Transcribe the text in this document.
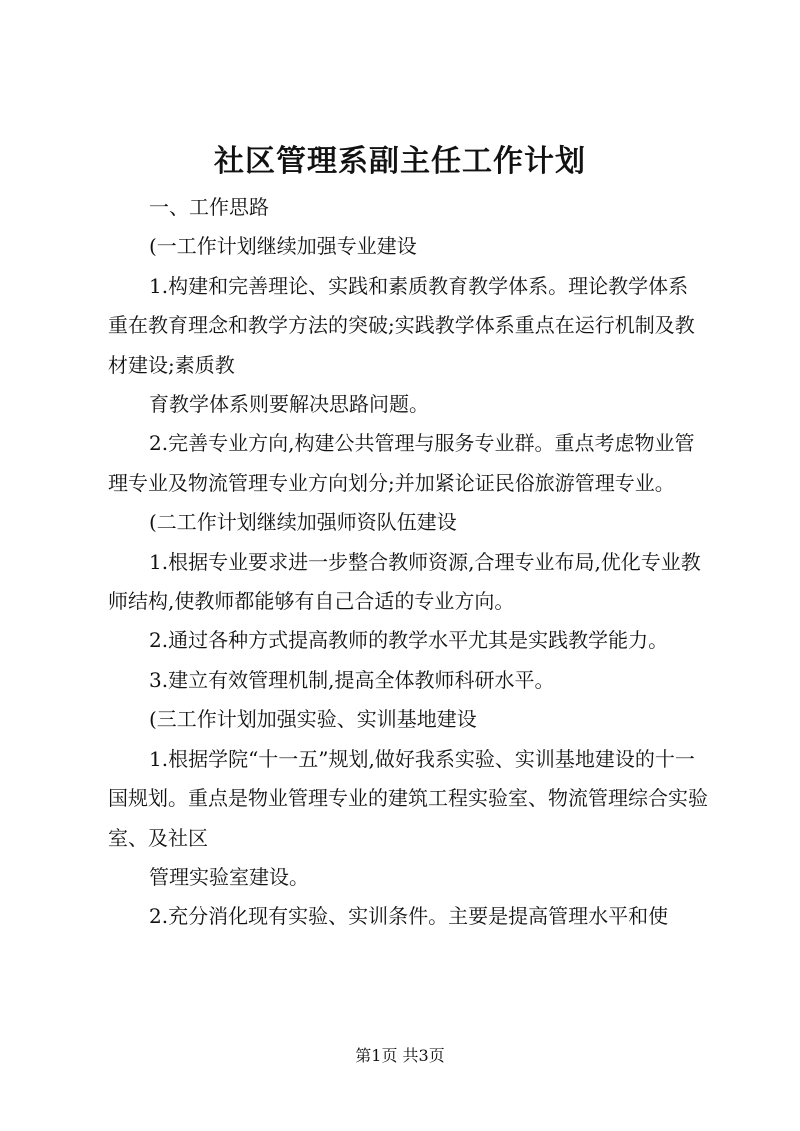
社区管理系副主任工作计划

一、工作思路

(一工作计划继续加强专业建设

1.构建和完善理论、实践和素质教育教学体系。理论教学体系重在教育理念和教学方法的突破;实践教学体系重点在运行机制及教材建设;素质教

育教学体系则要解决思路问题。

2.完善专业方向,构建公共管理与服务专业群。重点考虑物业管理专业及物流管理专业方向划分;并加紧论证民俗旅游管理专业。

(二工作计划继续加强师资队伍建设

1.根据专业要求进一步整合教师资源,合理专业布局,优化专业教师结构,使教师都能够有自己合适的专业方向。

2.通过各种方式提高教师的教学水平尤其是实践教学能力。

3.建立有效管理机制,提高全体教师科研水平。

(三工作计划加强实验、实训基地建设

1.根据学院“十一五”规划,做好我系实验、实训基地建设的十一国规划。重点是物业管理专业的建筑工程实验室、物流管理综合实验室、及社区

管理实验室建设。

2.充分消化现有实验、实训条件。主要是提高管理水平和使

第1页 共3页
